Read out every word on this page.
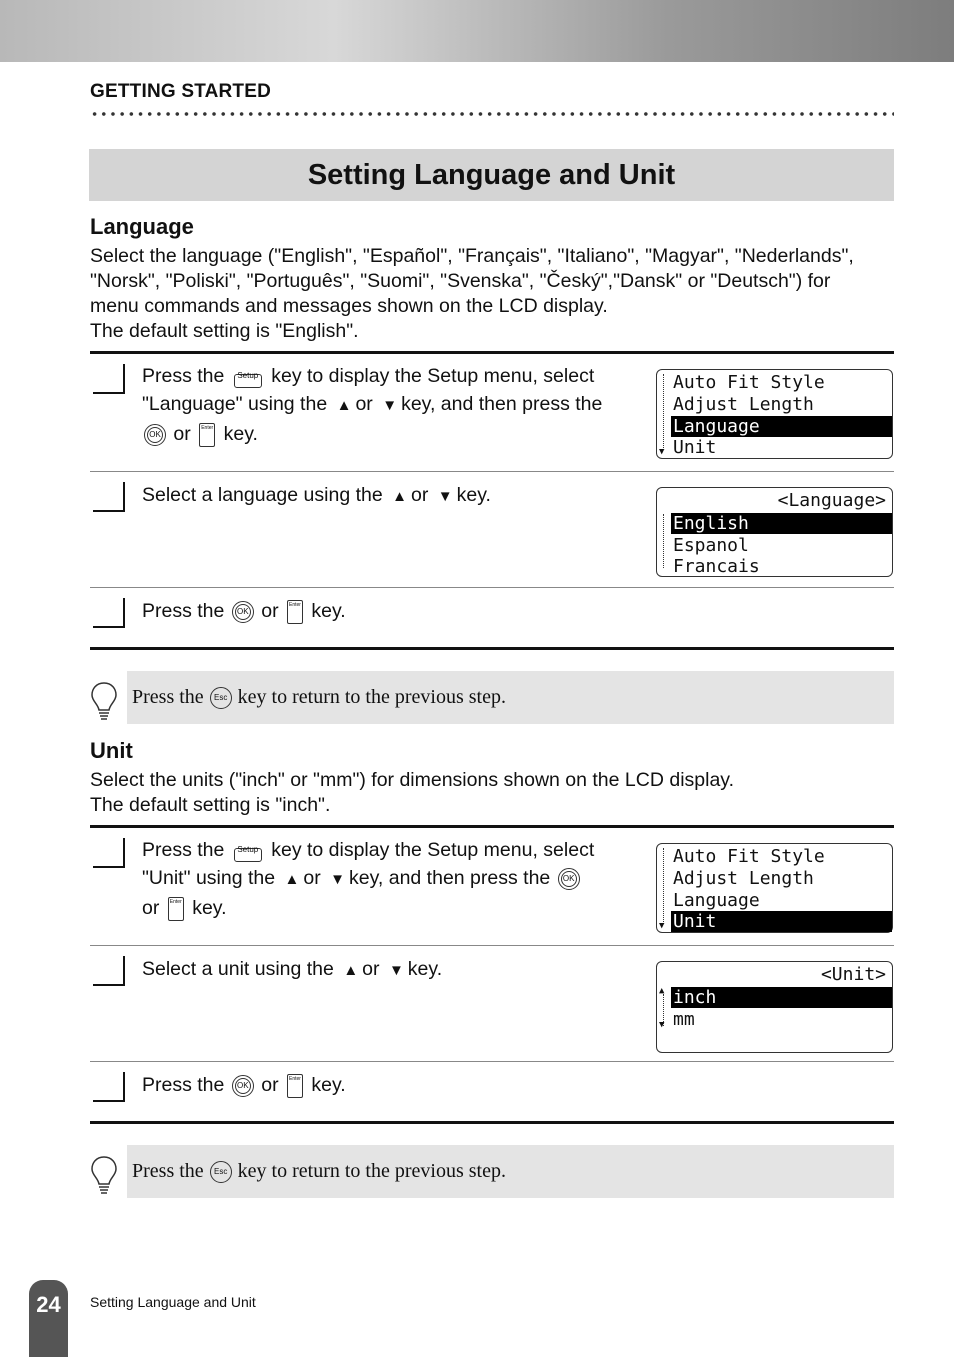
GETTING STARTED
Setting Language and Unit
Language
Select the language ("English", "Español", "Français", "Italiano", "Magyar", "Nederlands",
"Norsk", "Poliski", "Português", "Suomi", "Svenska", "Český","Dansk" or "Deutsch") for
menu commands and messages shown on the LCD display.
The default setting is "English".
Press the	Setup key to display the Setup menu, select
"Language" using the ▲ or ▼ key, and then press the

OK or Enter key.
▼
Auto Fit Style
Adjust Length
Language
Unit
Select a language using the ▲ or ▼ key.	<Language>
English
Espanol
Francais
Press the OK or Enter key.
Press the	Esc key to return to the previous step.
Unit
Select the units ("inch" or "mm") for dimensions shown on the LCD display.
The default setting is "inch".
Press the	Setup key to display the Setup menu, select
"Unit" using the ▲ or ▼ key, and then press the OK

or Enter key.
▼
Auto Fit Style
Adjust Length
Language
Unit
Select a unit using the ▲ or ▼ key.	<Unit>
▲
▼
inch
mm
Press the OK or Enter key.
Press the	Esc key to return to the previous step.
24	Setting Language and Unit
